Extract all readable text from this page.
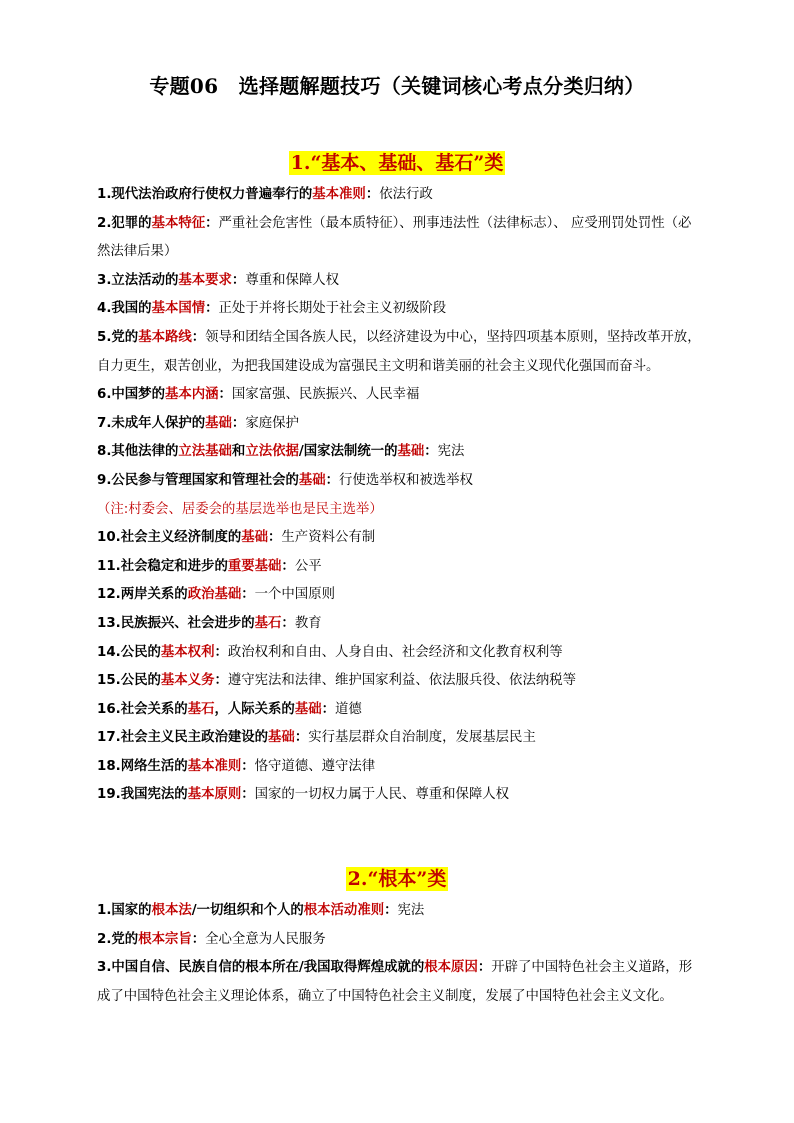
专题06　选择题解题技巧（关键词核心考点分类归纳）
1.“基本、基础、基石”类

1.现代法治政府行使权力普遍奉行的基本准则：依法行政

2.犯罪的基本特征：严重社会危害性（最本质特征）、刑事违法性（法律标志）、 应受刑罚处罚性（必然法律后果）

3.立法活动的基本要求：尊重和保障人权

4.我国的基本国情：正处于并将长期处于社会主义初级阶段

5.党的基本路线：领导和团结全国各族人民，以经济建设为中心，坚持四项基本原则，坚持改革开放，自力更生，艰苦创业，为把我国建设成为富强民主文明和谐美丽的社会主义现代化强国而奋斗。

6.中国梦的基本内涵：国家富强、民族振兴、人民幸福

7.未成年人保护的基础：家庭保护

8.其他法律的立法基础和立法依据/国家法制统一的基础：宪法

9.公民参与管理国家和管理社会的基础：行使选举权和被选举权

（注:村委会、居委会的基层选举也是民主选举）

10.社会主义经济制度的基础：生产资料公有制

11.社会稳定和进步的重要基础：公平

12.两岸关系的政治基础：一个中国原则

13.民族振兴、社会进步的基石：教育

14.公民的基本权利：政治权利和自由、人身自由、社会经济和文化教育权利等

15.公民的基本义务：遵守宪法和法律、维护国家利益、依法服兵役、依法纳税等

16.社会关系的基石，人际关系的基础：道德

17.社会主义民主政治建设的基础：实行基层群众自治制度，发展基层民主

18.网络生活的基本准则：恪守道德、遵守法律

19.我国宪法的基本原则：国家的一切权力属于人民、尊重和保障人权

2.“根本”类

1.国家的根本法/一切组织和个人的根本活动准则：宪法

2.党的根本宗旨：全心全意为人民服务

3.中国自信、民族自信的根本所在/我国取得辉煌成就的根本原因：开辟了中国特色社会主义道路，形成了中国特色社会主义理论体系，确立了中国特色社会主义制度，发展了中国特色社会主义文化。
